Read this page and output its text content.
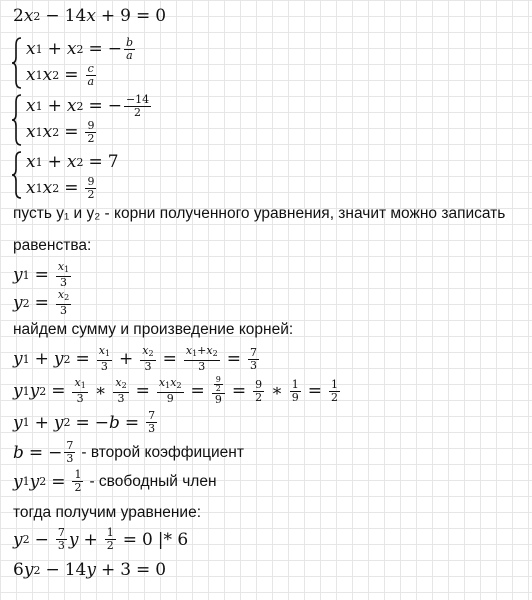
2 x 2 − 14 x + 9 = 0
x 1 + x 2 = − $\frac{b}{a}$
x 1 x $2 = \frac{c}{a}$
x 1 + x 2 = − $\frac{-14}{2}$
x 1 x $2 = \frac{9}{2}$
x 1 + x 2 = 7
x 1 x $2 = \frac{9}{2}$
пусть y₁ и y₂ - корни полученного уравнения, значит можно записать
равенства:
y $1 = \frac{x1}{3}$
y $2 = \frac{x2}{3}$
найдем сумму и произведение корней:
y 1 + y $2 = \frac{x1}{3} + \frac{x2}{3} = \frac{x1+x2}{3} = \frac{7}{3}$
y 1 y $2 = \frac{x1}{3}$ ∗ $\frac{x2}{3} = \frac{x1x2}{9} = \frac{\frac{9}{2}}{9} = \frac{9}{2}$ ∗ $\frac{1}{9} = \frac{1}{2}$
y 1 + y 2 = − $b = \frac{7}{3}$
b = − $\frac{7}{3}$ - второй коэффициент
y 1 y $2 = \frac{1}{2}$ - свободный член
тогда получим уравнение:
y $2 - \frac{7}{3}$ $y + \frac{1}{2} = 0$ |* 6
6 y 2 − 14 y + 3 = 0
